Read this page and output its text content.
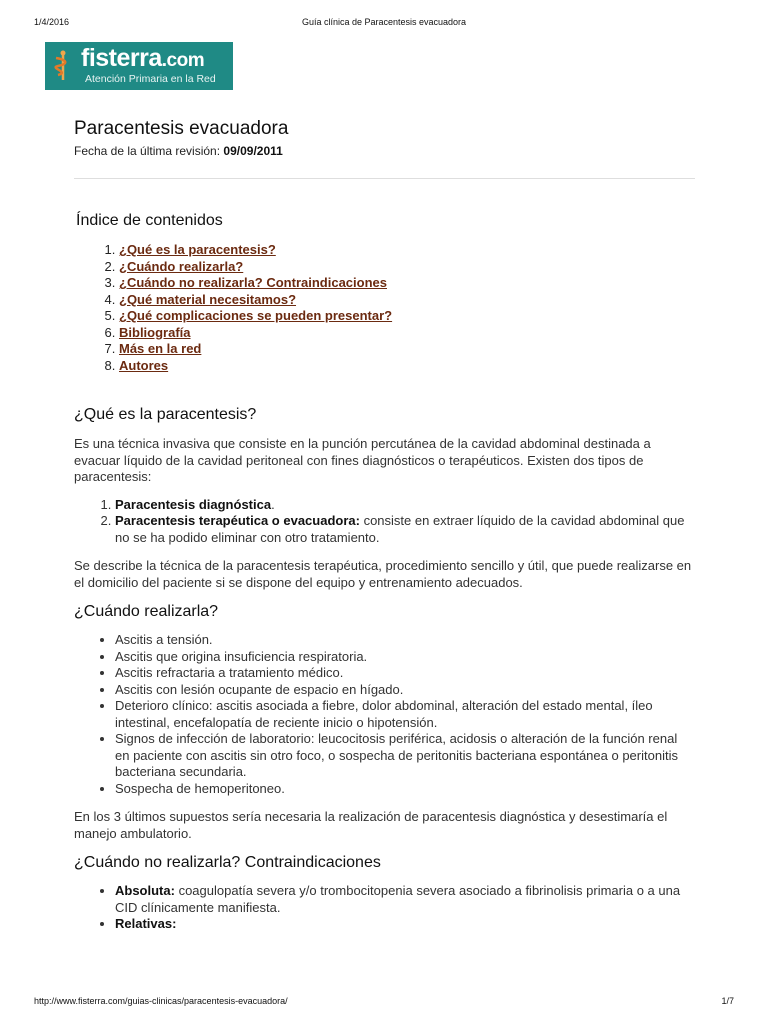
1/4/2016	Guía clínica de Paracentesis evacuadora
fisterra.com
Atención Primaria en la Red
Paracentesis evacuadora
Fecha de la última revisión: 09/09/2011
Índice de contenidos
1. ¿Qué es la paracentesis?
2. ¿Cuándo realizarla?
3. ¿Cuándo no realizarla? Contraindicaciones
4. ¿Qué material necesitamos?
5. ¿Qué complicaciones se pueden presentar?
6. Bibliografía
7. Más en la red
8. Autores
¿Qué es la paracentesis?

Es una técnica invasiva que consiste en la punción percutánea de la cavidad abdominal destinada a evacuar líquido de la cavidad peritoneal con fines diagnósticos o terapéuticos. Existen dos tipos de paracentesis:

1. Paracentesis diagnóstica.
2. Paracentesis terapéutica o evacuadora: consiste en extraer líquido de la cavidad abdominal que no se ha podido eliminar con otro tratamiento.

Se describe la técnica de la paracentesis terapéutica, procedimiento sencillo y útil, que puede realizarse en el domicilio del paciente si se dispone del equipo y entrenamiento adecuados.

¿Cuándo realizarla?
• Ascitis a tensión.
• Ascitis que origina insuficiencia respiratoria.
• Ascitis refractaria a tratamiento médico.
• Ascitis con lesión ocupante de espacio en hígado.
• Deterioro clínico: ascitis asociada a fiebre, dolor abdominal, alteración del estado mental, íleo intestinal, encefalopatía de reciente inicio o hipotensión.
• Signos de infección de laboratorio: leucocitosis periférica, acidosis o alteración de la función renal en paciente con ascitis sin otro foco, o sospecha de peritonitis bacteriana espontánea o peritonitis bacteriana secundaria.
• Sospecha de hemoperitoneo.

En los 3 últimos supuestos sería necesaria la realización de paracentesis diagnóstica y desestimaría el manejo ambulatorio.

¿Cuándo no realizarla? Contraindicaciones
• Absoluta: coagulopatía severa y/o trombocitopenia severa asociado a fibrinolisis primaria o a una CID clínicamente manifiesta.
• Relativas:
http://www.fisterra.com/guias-clinicas/paracentesis-evacuadora/	1/7
